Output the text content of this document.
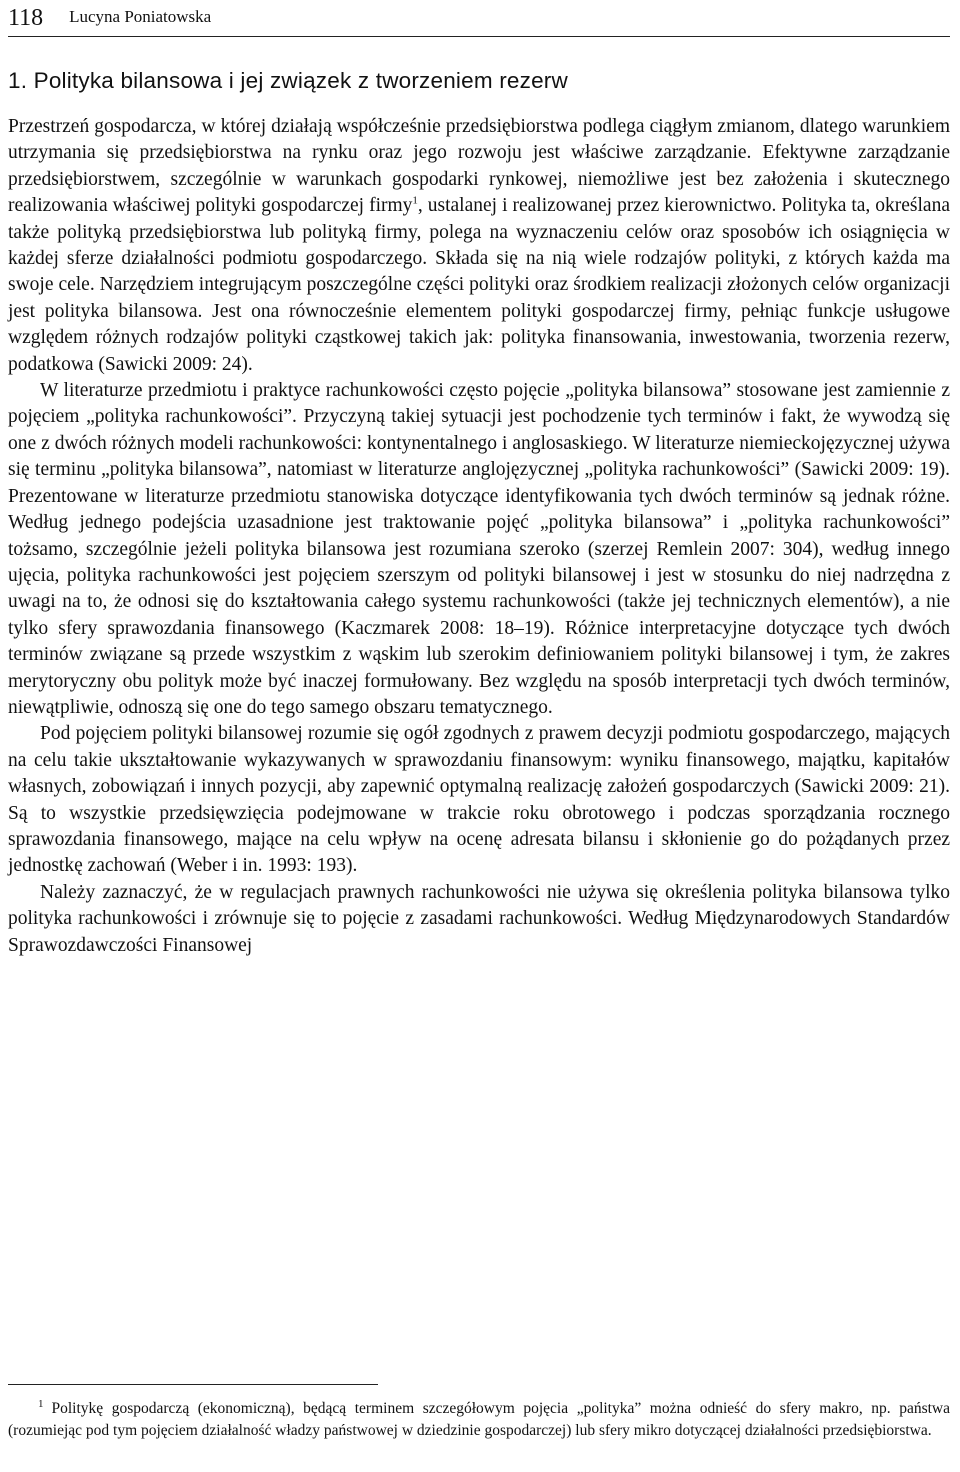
118 Lucyna Poniatowska
1. Polityka bilansowa i jej związek z tworzeniem rezerw

Przestrzeń gospodarcza, w której działają współcześnie przedsiębiorstwa podlega ciągłym zmianom, dlatego warunkiem utrzymania się przedsiębiorstwa na rynku oraz jego rozwoju jest właściwe zarządzanie. Efektywne zarządzanie przedsiębiorstwem, szczególnie w warunkach gospodarki rynkowej, niemożliwe jest bez założenia i skutecznego realizowania właściwej polityki gospodarczej firmy$^1$, ustalanej i realizowanej przez kierownictwo. Polityka ta, określana także polityką przedsiębiorstwa lub polityką firmy, polega na wyznaczeniu celów oraz sposobów ich osiągnięcia w każdej sferze działalności podmiotu gospodarczego. Składa się na nią wiele rodzajów polityki, z których każda ma swoje cele. Narzędziem integrującym poszczególne części polityki oraz środkiem realizacji złożonych celów organizacji jest polityka bilansowa. Jest ona równocześnie elementem polityki gospodarczej firmy, pełniąc funkcje usługowe względem różnych rodzajów polityki cząstkowej takich jak: polityka finansowania, inwestowania, tworzenia rezerw, podatkowa (Sawicki 2009: 24).

W literaturze przedmiotu i praktyce rachunkowości często pojęcie „polityka bilansowa” stosowane jest zamiennie z pojęciem „polityka rachunkowości”. Przyczyną takiej sytuacji jest pochodzenie tych terminów i fakt, że wywodzą się one z dwóch różnych modeli rachunkowości: kontynentalnego i anglosaskiego. W literaturze niemieckojęzycznej używa się terminu „polityka bilansowa”, natomiast w literaturze anglojęzycznej „polityka rachunkowości” (Sawicki 2009: 19). Prezentowane w literaturze przedmiotu stanowiska dotyczące identyfikowania tych dwóch terminów są jednak różne. Według jednego podejścia uzasadnione jest traktowanie pojęć „polityka bilansowa” i „polityka rachunkowości” tożsamo, szczególnie jeżeli polityka bilansowa jest rozumiana szeroko (szerzej Remlein 2007: 304), według innego ujęcia, polityka rachunkowości jest pojęciem szerszym od polityki bilansowej i jest w stosunku do niej nadrzędna z uwagi na to, że odnosi się do kształtowania całego systemu rachunkowości (także jej technicznych elementów), a nie tylko sfery sprawozdania finansowego (Kaczmarek 2008: 18–19). Różnice interpretacyjne dotyczące tych dwóch terminów związane są przede wszystkim z wąskim lub szerokim definiowaniem polityki bilansowej i tym, że zakres merytoryczny obu polityk może być inaczej formułowany. Bez względu na sposób interpretacji tych dwóch terminów, niewątpliwie, odnoszą się one do tego samego obszaru tematycznego.

Pod pojęciem polityki bilansowej rozumie się ogół zgodnych z prawem decyzji podmiotu gospodarczego, mających na celu takie ukształtowanie wykazywanych w sprawozdaniu finansowym: wyniku finansowego, majątku, kapitałów własnych, zobowiązań i innych pozycji, aby zapewnić optymalną realizację założeń gospodarczych (Sawicki 2009: 21). Są to wszystkie przedsięwzięcia podejmowane w trakcie roku obrotowego i podczas sporządzania rocznego sprawozdania finansowego, mające na celu wpływ na ocenę adresata bilansu i skłonienie go do pożądanych przez jednostkę zachowań (Weber i in. 1993: 193).

Należy zaznaczyć, że w regulacjach prawnych rachunkowości nie używa się określenia polityka bilansowa tylko polityka rachunkowości i zrównuje się to pojęcie z zasadami rachunkowości. Według Międzynarodowych Standardów Sprawozdawczości Finansowej

$^1$ Politykę gospodarczą (ekonomiczną), będącą terminem szczegółowym pojęcia „polityka” można odnieść do sfery makro, np. państwa (rozumiejąc pod tym pojęciem działalność władzy państwowej w dziedzinie gospodarczej) lub sfery mikro dotyczącej działalności przedsiębiorstwa.
